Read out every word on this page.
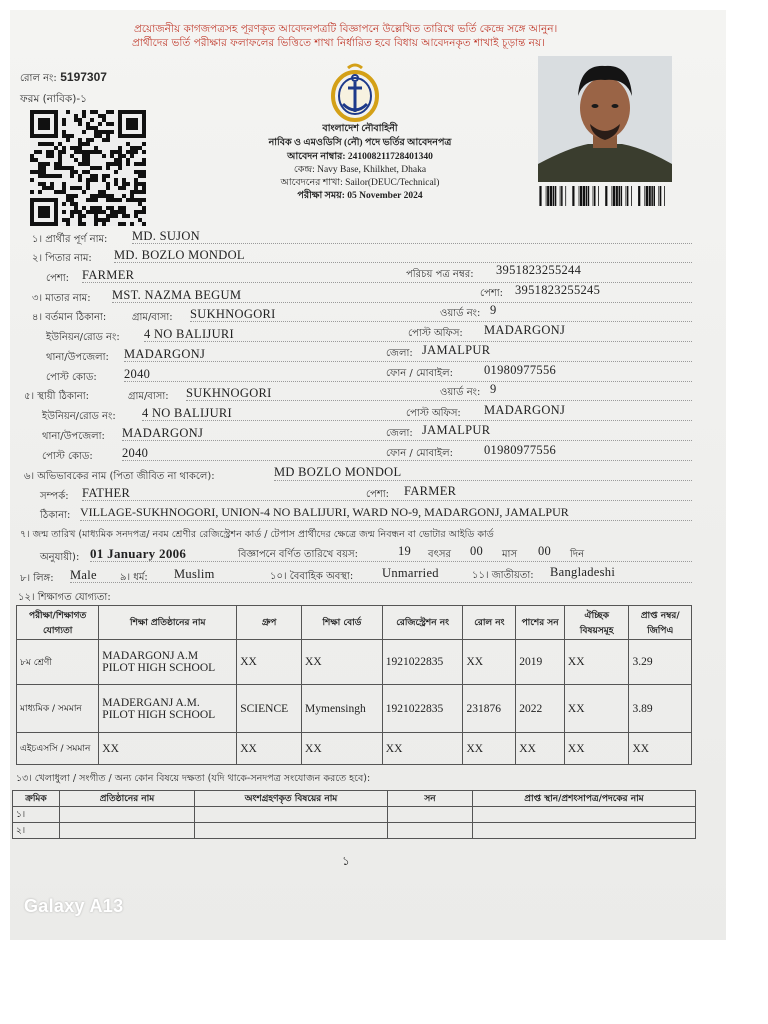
প্রয়োজনীয় কাগজপত্রসহ পূরণকৃত আবেদনপত্রটি বিজ্ঞাপনে উল্লেখিত তারিখে ভর্তি কেন্দ্রে সঙ্গে আনুন।
প্রার্থীদের ভর্তি পরীক্ষার ফলাফলের ভিত্তিতে শাখা নির্ধারিত হবে বিধায় আবেদনকৃত শাখাই চূড়ান্ত নয়।
রোল নং: 5197307
ফরম (নাবিক)-১
বাংলাদেশ নৌবাহিনী
নাবিক ও এমওডিসি (নৌ) পদে ভর্তির আবেদনপত্র
আবেদন নাম্বার: 241008211728401340
কেন্দ্র: Navy Base, Khilkhet, Dhaka
আবেদনের শাখা: Sailor(DEUC/Technical)
পরীক্ষা সময়: 05 November 2024
১। প্রার্থীর পূর্ণ নাম: MD. SUJON
২। পিতার নাম: MD. BOZLO MONDOL
পেশা: FARMER	পরিচয় পত্র নম্বর: 3951823255244
পেশা: 3951823255245
৩। মাতার নাম: MST. NAZMA BEGUM
৪। বর্তমান ঠিকানা:	গ্রাম/বাসা: SUKHNOGORI	ওয়ার্ড নং: 9
ইউনিয়ন/রোড নং: 4 NO BALIJURI	পোস্ট অফিস: MADARGONJ
থানা/উপজেলা: MADARGONJ	জেলা: JAMALPUR
পোস্ট কোড: 2040	ফোন / মোবাইল: 01980977556
৫। স্থায়ী ঠিকানা:	গ্রাম/বাসা: SUKHNOGORI	ওয়ার্ড নং: 9
ইউনিয়ন/রোড নং: 4 NO BALIJURI	পোস্ট অফিস: MADARGONJ
থানা/উপজেলা: MADARGONJ	জেলা: JAMALPUR
পোস্ট কোড: 2040	ফোন / মোবাইল: 01980977556
৬। অভিভাবকের নাম (পিতা জীবিত না থাকলে):	MD BOZLO MONDOL
সম্পর্ক: FATHER	পেশা: FARMER
ঠিকানা: VILLAGE-SUKHNOGORI, UNION-4 NO BALIJURI, WARD NO-9, MADARGONJ, JAMALPUR
৭। জন্ম তারিখ (মাধ্যমিক সনদপত্র/ নবম শ্রেণীর রেজিস্ট্রেশন কার্ড / টেপাস প্রার্থীদের ক্ষেত্রে জন্ম নিবন্ধন বা ভোটার আইডি কার্ড
অনুযায়ী): 01 January 2006	বিজ্ঞাপনে বর্ণিত তারিখে বয়স:	19 বৎসর 00 মাস 00 দিন
৮। লিঙ্গ: Male ৯। ধর্ম: Muslim	১০। বৈবাহিক অবস্থা: Unmarried	১১। জাতীয়তা: Bangladeshi
১২। শিক্ষাগত যোগ্যতা:
পরীক্ষা/শিক্ষাগত যোগ্যতা	শিক্ষা প্রতিষ্ঠানের নাম	গ্রুপ	শিক্ষা বোর্ড	রেজিস্ট্রেশন নং	রোল নং	পাশের সন	ঐচ্ছিক বিষয়সমূহ	প্রাপ্ত নম্বর/জিপিএ
৮ম শ্রেণী	MADARGONJ A.M PILOT HIGH SCHOOL	XX	XX	1921022835	XX	2019	XX	3.29
মাধ্যমিক / সমমান	MADERGANJ A.M. PILOT HIGH SCHOOL	SCIENCE	Mymensingh	1921022835	231876	2022	XX	3.89
এইচএসসি / সমমান	XX	XX	XX	XX	XX	XX	XX	XX
১৩। খেলাধুলা / সংগীত / অন্য কোন বিষয়ে দক্ষতা (যদি থাকে-সনদপত্র সংযোজন করতে হবে):
ক্রমিক	প্রতিষ্ঠানের নাম	অংশগ্রহণকৃত বিষয়ের নাম	সন	প্রাপ্ত স্থান/প্রশংসাপত্র/পদকের নাম
১।				
২।				
১
Galaxy A13
